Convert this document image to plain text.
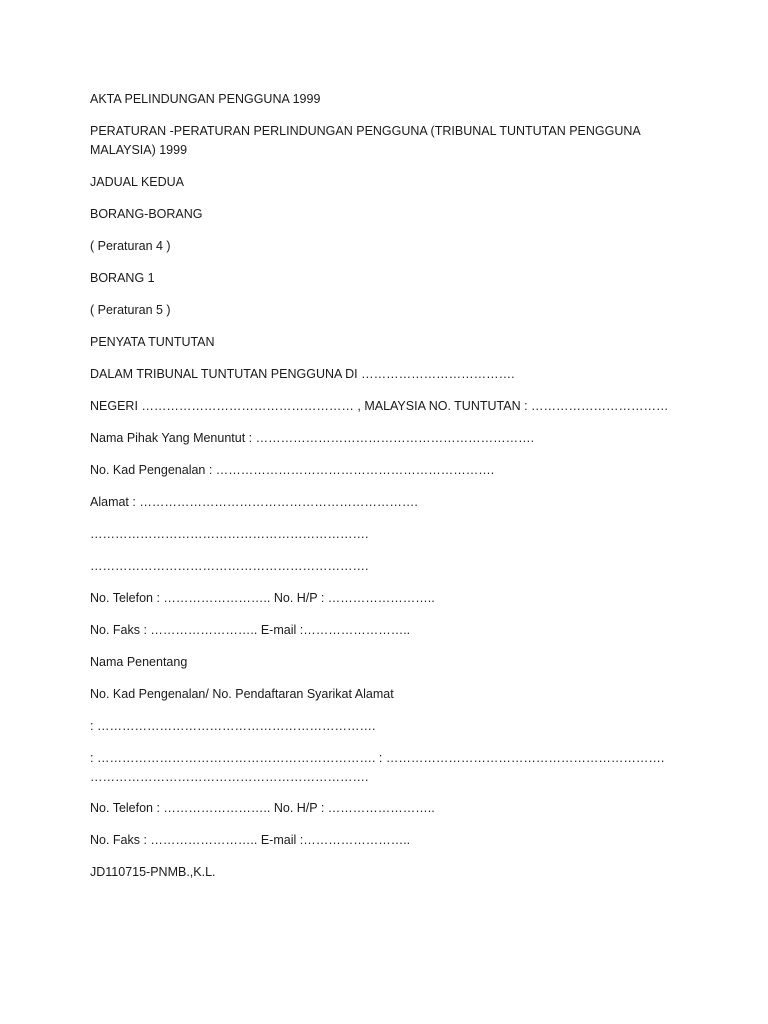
AKTA PELINDUNGAN PENGGUNA 1999
PERATURAN -PERATURAN PERLINDUNGAN PENGGUNA (TRIBUNAL TUNTUTAN PENGGUNA MALAYSIA) 1999
JADUAL KEDUA
BORANG-BORANG
( Peraturan 4 )
BORANG 1
( Peraturan 5 )
PENYATA TUNTUTAN
DALAM TRIBUNAL TUNTUTAN PENGGUNA DI ……………………………….
NEGERI …………………………………………… , MALAYSIA NO. TUNTUTAN : ……………………………
Nama Pihak Yang Menuntut : ………………………………………………………….
No. Kad Pengenalan : ………………………………………………………….
Alamat : ………………………………………………………….
………………………………………………………….
………………………………………………………….
No. Telefon : …………………….. No. H/P : ……………………..
No. Faks : …………………….. E-mail :……………………..
Nama Penentang
No. Kad Pengenalan/ No. Pendaftaran Syarikat Alamat
: ………………………………………………………….
: …………………………………………………………. : ………………………………………………………….
………………………………………………………….
No. Telefon : …………………….. No. H/P : ……………………..
No. Faks : …………………….. E-mail :……………………..
JD110715-PNMB.,K.L.
